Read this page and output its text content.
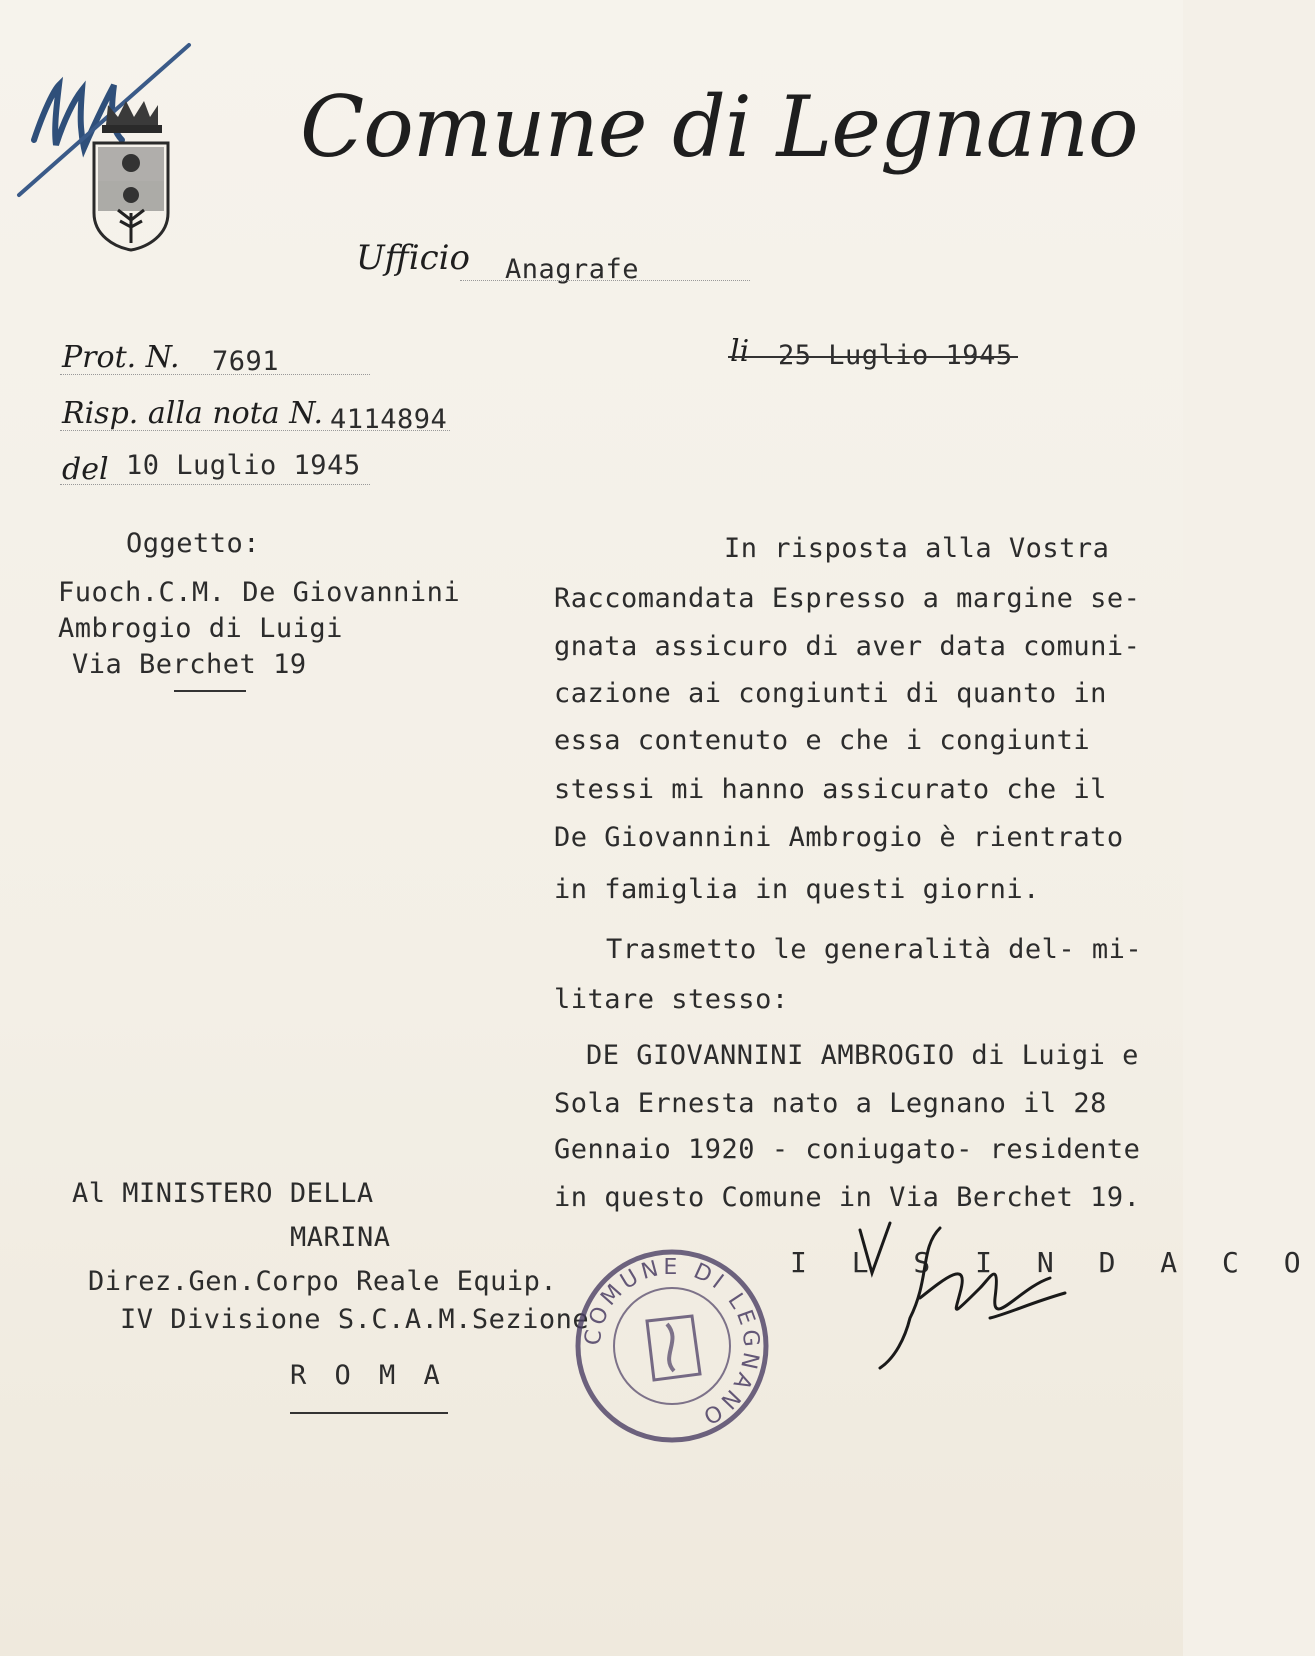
Comune di Legnano
Ufficio Anagrafe
Prot. N. 7691
Risp. alla nota N. 4114894
del 10 Luglio 1945
li 25 Luglio 1945
Oggetto:
Fuoch.C.M. De Giovannini
Ambrogio di Luigi
Via Berchet 19
In risposta alla Vostra
Raccomandata Espresso a margine se-
gnata assicuro di aver data comuni-
cazione ai congiunti di quanto in
essa contenuto e che i congiunti
stessi mi hanno assicurato che il
De Giovannini Ambrogio è rientrato
in famiglia in questi giorni.
Trasmetto le generalità del- mi-
litare stesso:
DE GIOVANNINI AMBROGIO di Luigi e
Sola Ernesta nato a Legnano il 28
Gennaio 1920 - coniugato- residente
in questo Comune in Via Berchet 19.
Al MINISTERO DELLA
MARINA
Direz.Gen.Corpo Reale Equip.
IV Divisione S.C.A.M.Sezione
R O M A
COMUNE DI LEGNANO
I L S I N D A C O
